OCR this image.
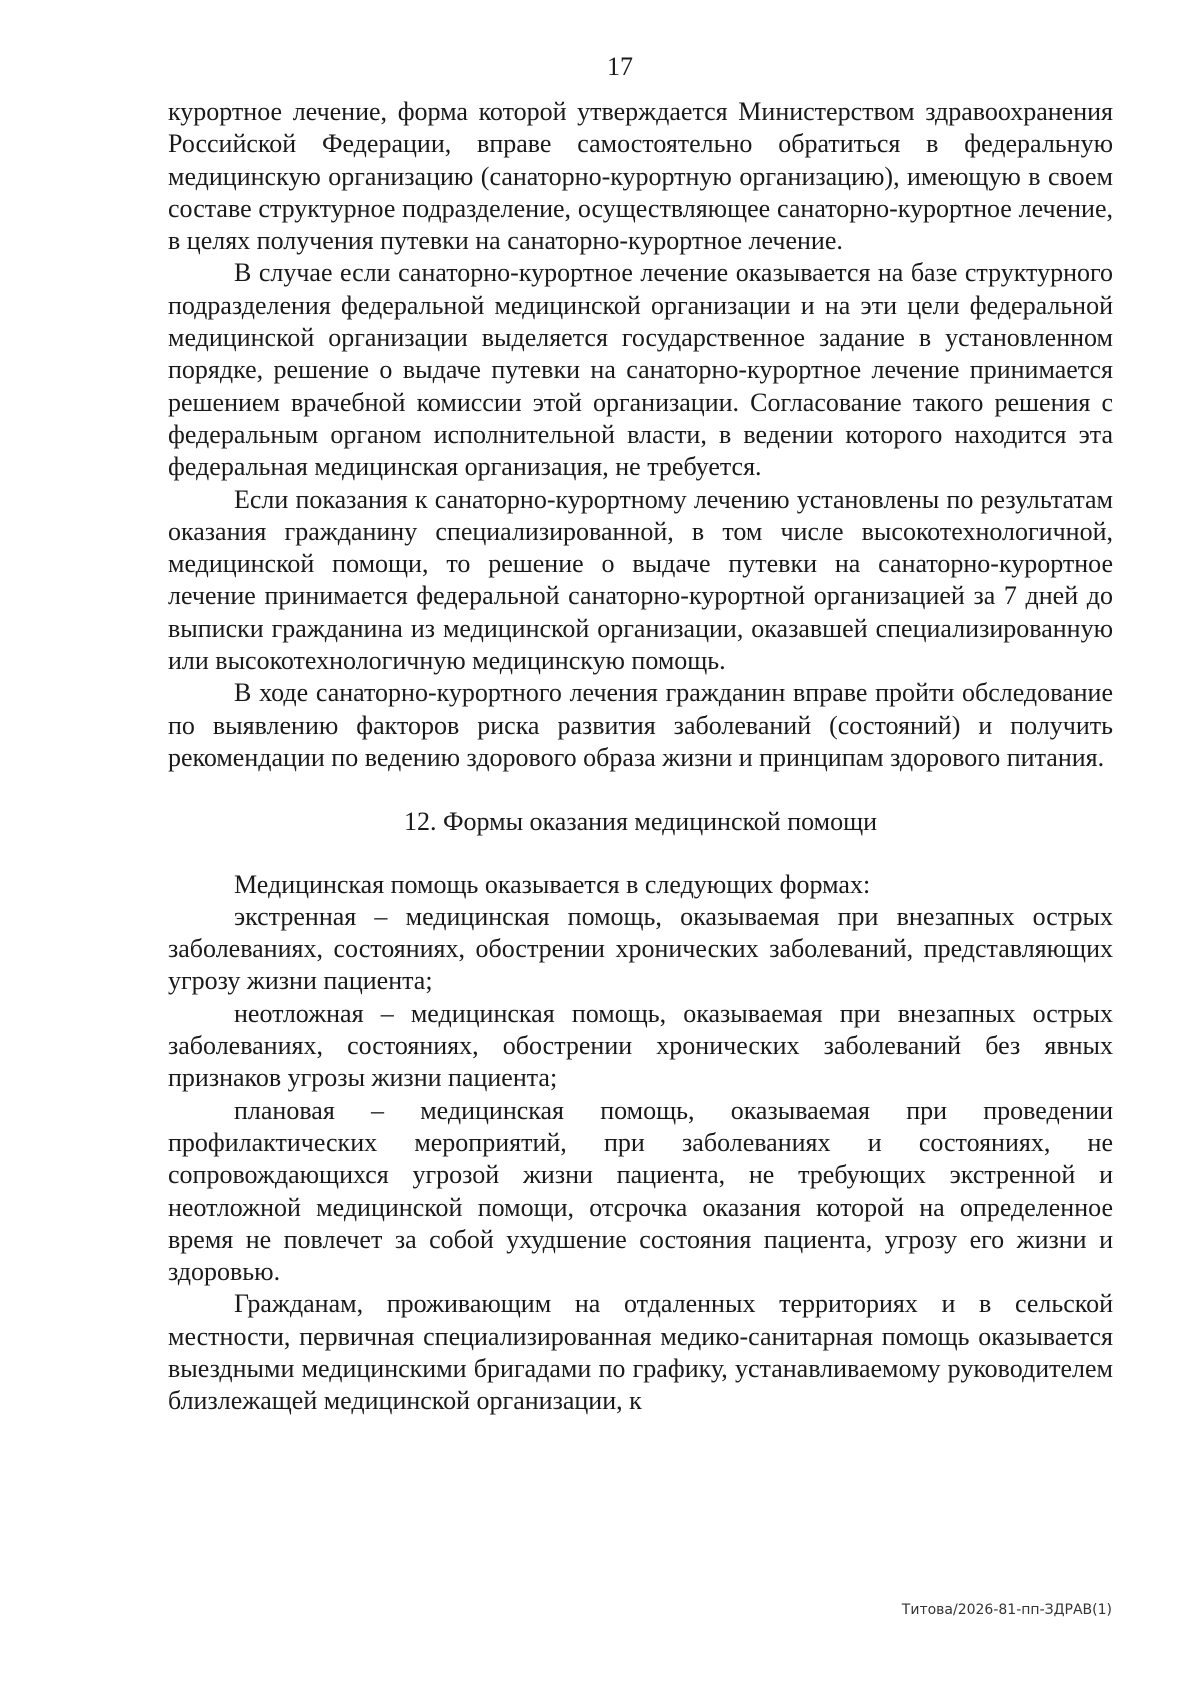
17

курортное лечение, форма которой утверждается Министерством здравоохранения Российской Федерации, вправе самостоятельно обратиться в федеральную медицинскую организацию (санаторно-курортную организацию), имеющую в своем составе структурное подразделение, осуществляющее санаторно-курортное лечение, в целях получения путевки на санаторно-курортное лечение.

В случае если санаторно-курортное лечение оказывается на базе структурного подразделения федеральной медицинской организации и на эти цели федеральной медицинской организации выделяется государственное задание в установленном порядке, решение о выдаче путевки на санаторно-курортное лечение принимается решением врачебной комиссии этой организации. Согласование такого решения с федеральным органом исполнительной власти, в ведении которого находится эта федеральная медицинская организация, не требуется.

Если показания к санаторно-курортному лечению установлены по результатам оказания гражданину специализированной, в том числе высокотехнологичной, медицинской помощи, то решение о выдаче путевки на санаторно-курортное лечение принимается федеральной санаторно-курортной организацией за 7 дней до выписки гражданина из медицинской организации, оказавшей специализированную или высокотехнологичную медицинскую помощь.

В ходе санаторно-курортного лечения гражданин вправе пройти обследование по выявлению факторов риска развития заболеваний (состояний) и получить рекомендации по ведению здорового образа жизни и принципам здорового питания.

12. Формы оказания медицинской помощи

Медицинская помощь оказывается в следующих формах:

экстренная – медицинская помощь, оказываемая при внезапных острых заболеваниях, состояниях, обострении хронических заболеваний, представляющих угрозу жизни пациента;

неотложная – медицинская помощь, оказываемая при внезапных острых заболеваниях, состояниях, обострении хронических заболеваний без явных признаков угрозы жизни пациента;

плановая – медицинская помощь, оказываемая при проведении профилактических мероприятий, при заболеваниях и состояниях, не сопровождающихся угрозой жизни пациента, не требующих экстренной и неотложной медицинской помощи, отсрочка оказания которой на определенное время не повлечет за собой ухудшение состояния пациента, угрозу его жизни и здоровью.

Гражданам, проживающим на отдаленных территориях и в сельской местности, первичная специализированная медико-санитарная помощь оказывается выездными медицинскими бригадами по графику, устанавливаемому руководителем близлежащей медицинской организации, к

Титова/2026-81-пп-ЗДРАВ(1)
